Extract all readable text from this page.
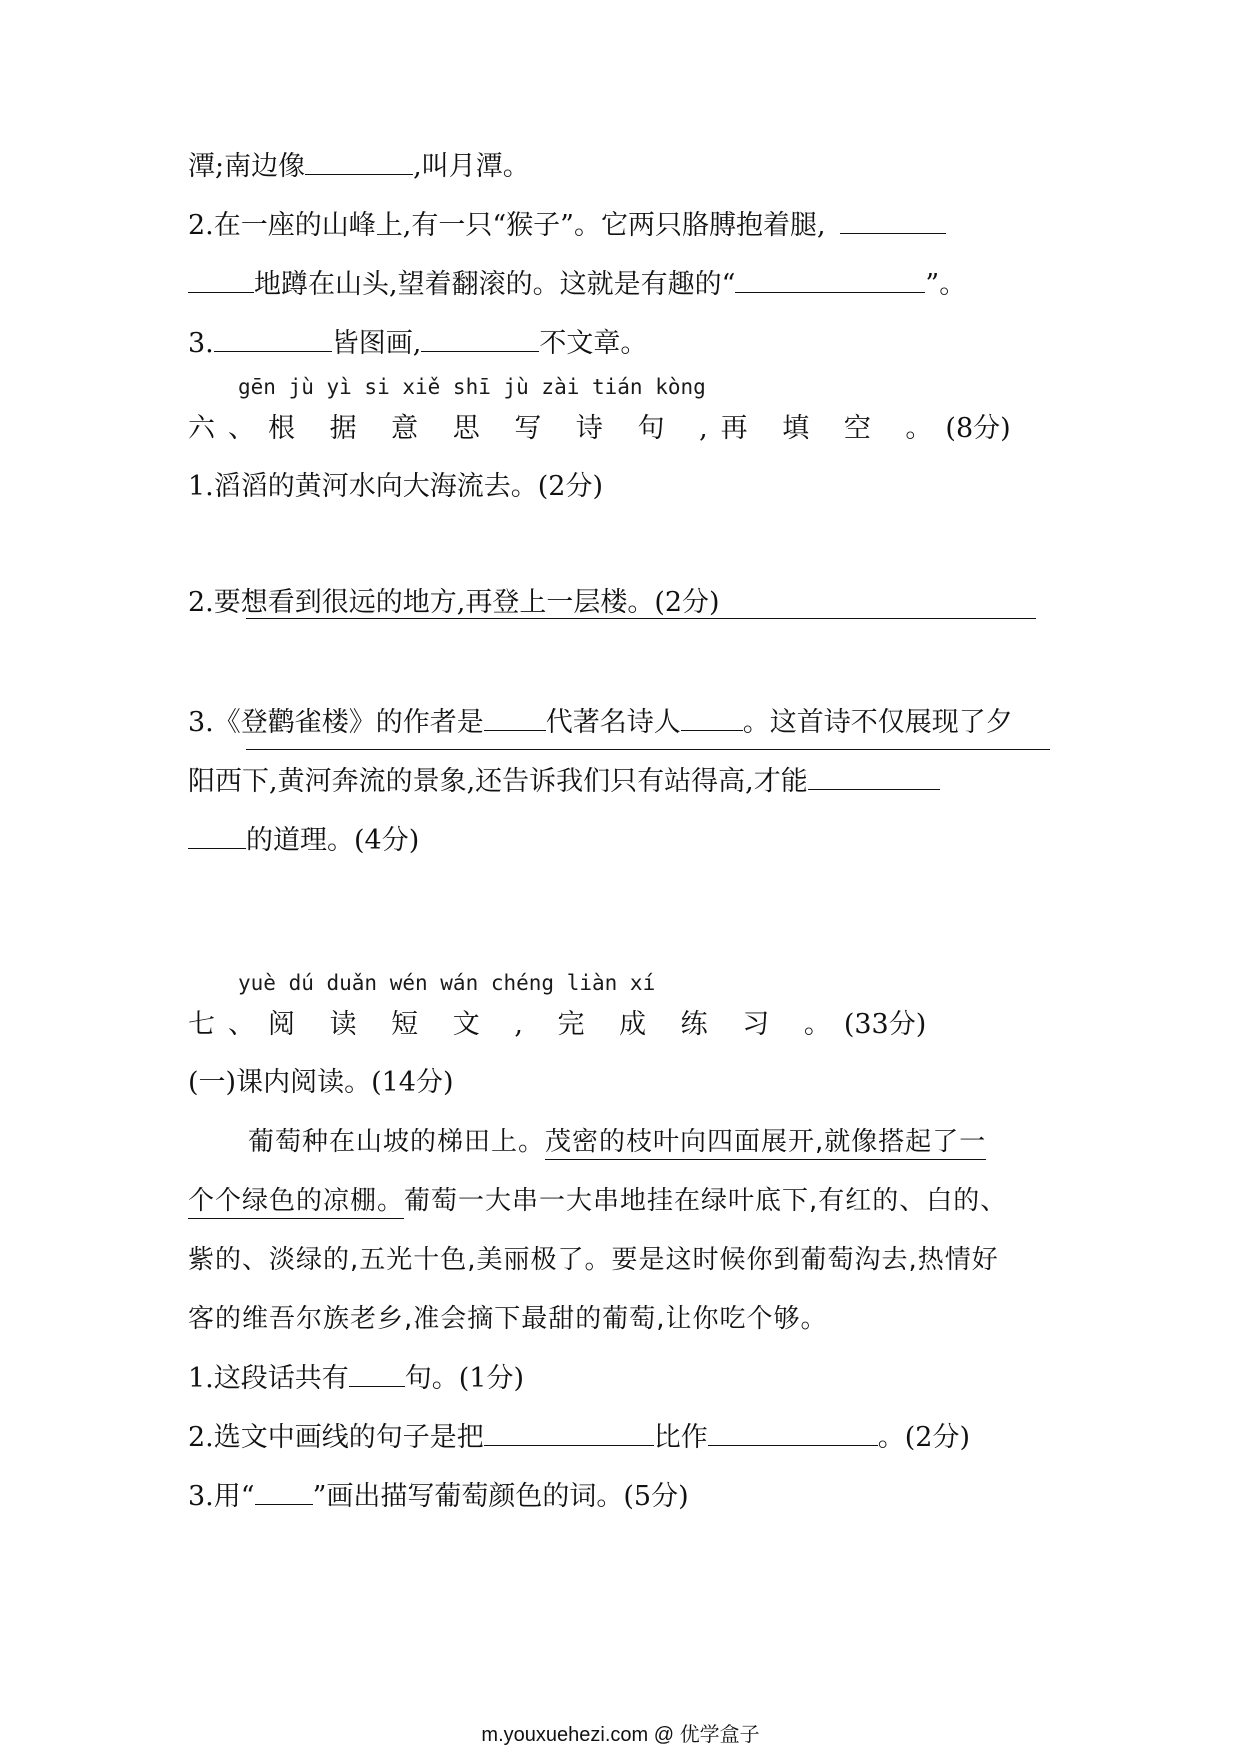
潭;南边像	,叫月潭。
2.在一座的山峰上,有一只“猴子”。它两只胳膊抱着腿,
地蹲在山头,望着翻滚的。这就是有趣的“	”。
3.	皆图画,	不文章。
gēn jù yì si xiě shī jù zài tián kòng
六、根 据 意 思 写 诗 句 ,再 填 空 。(8分)
1.滔滔的黄河水向大海流去。(2分)
2.要想看到很远的地方,再登上一层楼。(2分)
3.《登鹳雀楼》的作者是 代著名诗人 。这首诗不仅展现了夕
阳西下,黄河奔流的景象,还告诉我们只有站得高,才能
的道理。(4分)
yuè dú duǎn wén wán chéng liàn xí
七、阅 读 短 文 , 完 成 练 习 。(33分)
(一)课内阅读。(14分)
葡萄种在山坡的梯田上。茂密的枝叶向四面展开,就像搭起了一
个个绿色的凉棚。葡萄一大串一大串地挂在绿叶底下,有红的、白的、
紫的、淡绿的,五光十色,美丽极了。要是这时候你到葡萄沟去,热情好
客的维吾尔族老乡,准会摘下最甜的葡萄,让你吃个够。
1.这段话共有 句。(1分)
2.选文中画线的句子是把	比作	。(2分)
3.用“ ”画出描写葡萄颜色的词。(5分)
m.youxuehezi.com @ 优学盒子
